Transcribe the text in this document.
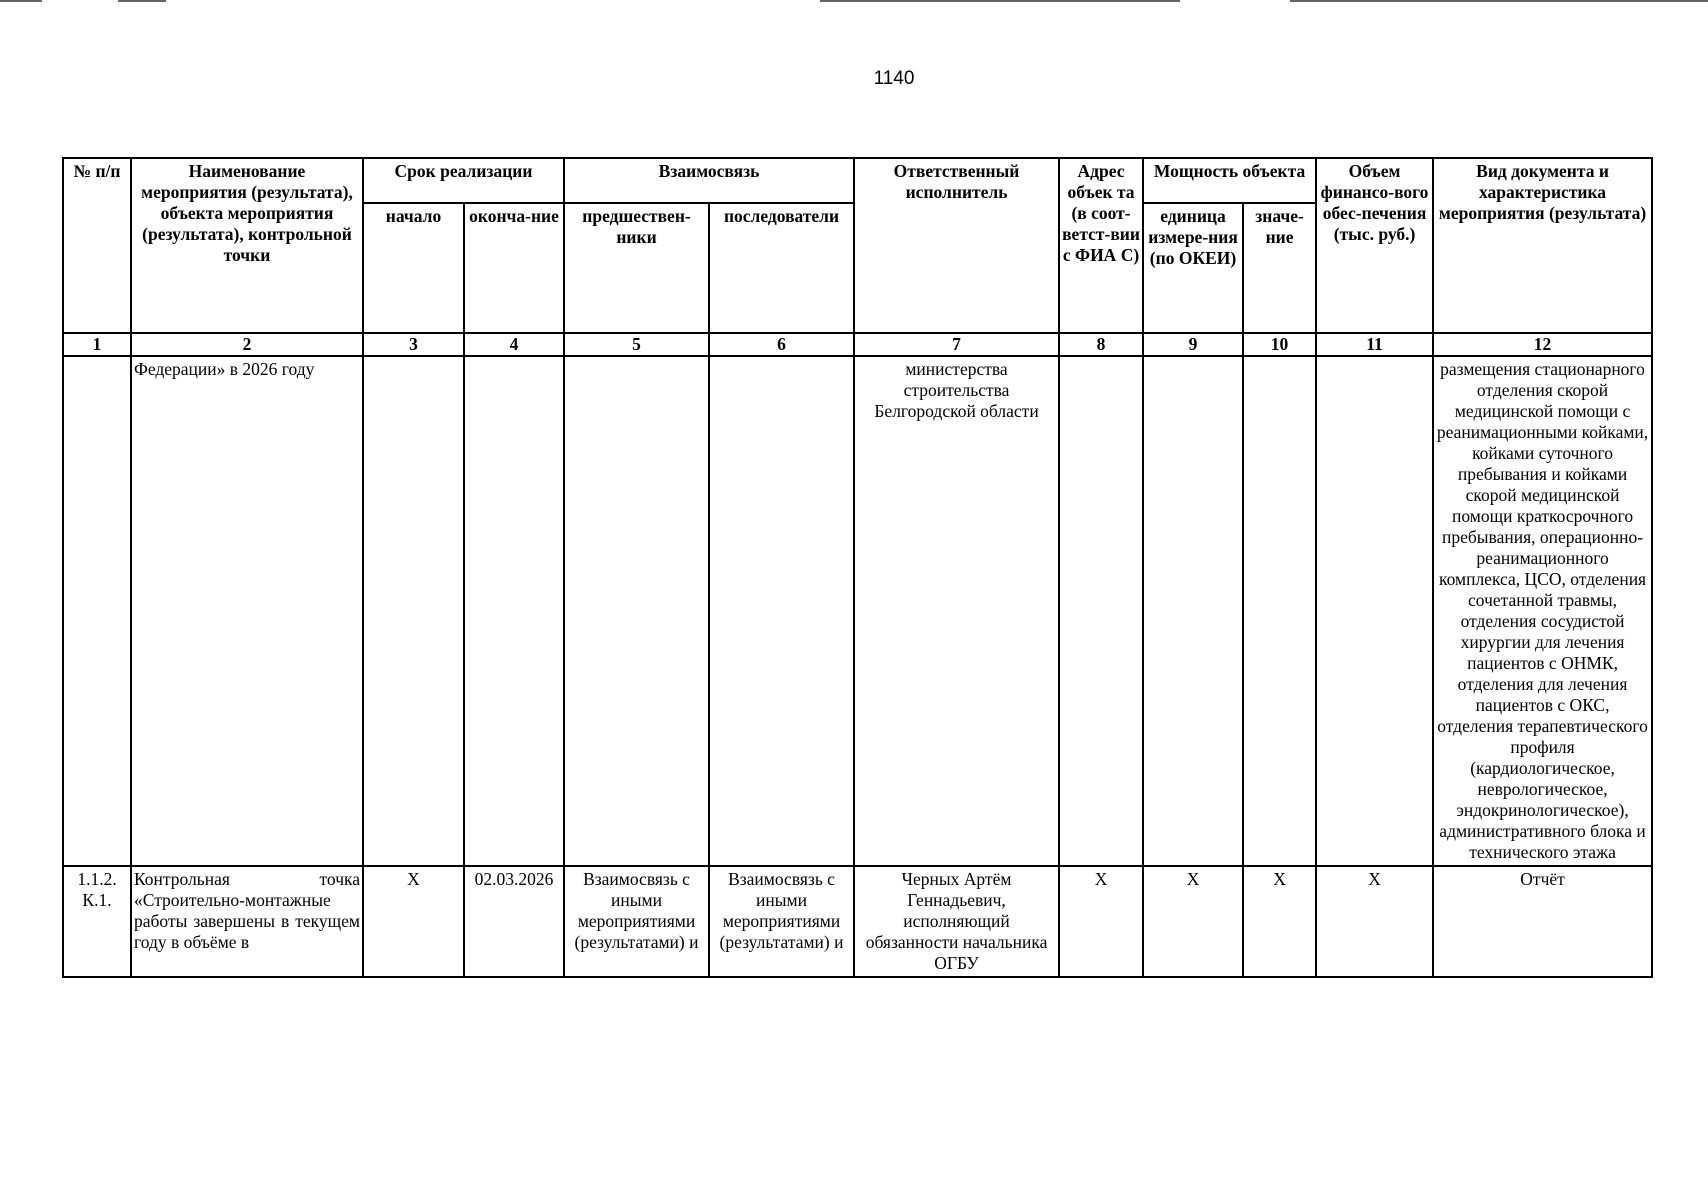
1140
№ п/п	Наименование мероприятия (результата), объекта мероприятия (результата), контрольной точки	Срок реализации		Взаимосвязь		Ответственный исполнитель	Адрес объек та (в соот-ветст-вии с ФИА С)	Мощность объекта		Объем финансо-вого обес-печения (тыс. руб.)	Вид документа и характеристика мероприятия (результата)
		начало	оконча-ние	предшествен-ники	последователи			единица измере-ния (по ОКЕИ)	значе-ние		
1	2	3	4	5	6	7	8	9	10	11	12
	Федерации» в 2026 году					министерства строительства Белгородской области					размещения стационарного отделения скорой медицинской помощи с реанимационными койками, койками суточного пребывания и койками скорой медицинской помощи краткосрочного пребывания, операционно-реанимационного комплекса, ЦСО, отделения сочетанной травмы, отделения сосудистой хирургии для лечения пациентов с ОНМК, отделения для лечения пациентов с ОКС, отделения терапевтического профиля (кардиологическое, неврологическое, эндокринологическое), административного блока и технического этажа
1.1.2. К.1.	Контрольная точка «Строительно-монтажные работы завершены в текущем году в объёме в	X	02.03.2026	Взаимосвязь с иными мероприятиями (результатами) и	Взаимосвязь с иными мероприятиями (результатами) и	Черных Артём Геннадьевич, исполняющий обязанности начальника ОГБУ	X	X	X	X	Отчёт
